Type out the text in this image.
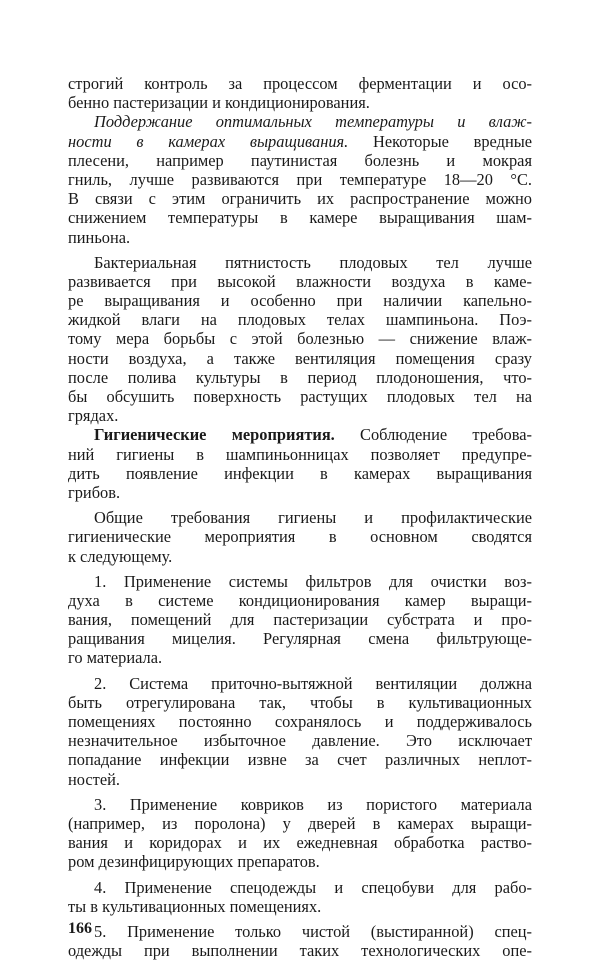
строгий контроль за процессом ферментации и осо-
бенно пастеризации и кондиционирования.
Поддержание оптимальных температуры и влаж-
ности в камерах выращивания. Некоторые вредные
плесени, например паутинистая болезнь и мокрая
гниль, лучше развиваются при температуре 18—20 °С.
В связи с этим ограничить их распространение можно
снижением температуры в камере выращивания шам-
пиньона.
Бактериальная пятнистость плодовых тел лучше
развивается при высокой влажности воздуха в каме-
ре выращивания и особенно при наличии капельно-
жидкой влаги на плодовых телах шампиньона. Поэ-
тому мера борьбы с этой болезнью — снижение влаж-
ности воздуха, а также вентиляция помещения сразу
после полива культуры в период плодоношения, что-
бы обсушить поверхность растущих плодовых тел на
грядах.
Гигиенические мероприятия. Соблюдение требова-
ний гигиены в шампиньонницах позволяет предупре-
дить появление инфекции в камерах выращивания
грибов.
Общие требования гигиены и профилактические
гигиенические мероприятия в основном сводятся
к следующему.
1. Применение системы фильтров для очистки воз-
духа в системе кондиционирования камер выращи-
вания, помещений для пастеризации субстрата и про-
ращивания мицелия. Регулярная смена фильтрующе-
го материала.
2. Система приточно-вытяжной вентиляции должна
быть отрегулирована так, чтобы в культивационных
помещениях постоянно сохранялось и поддерживалось
незначительное избыточное давление. Это исключает
попадание инфекции извне за счет различных неплот-
ностей.
3. Применение ковриков из пористого материала
(например, из поролона) у дверей в камерах выращи-
вания и коридорах и их ежедневная обработка раство-
ром дезинфицирующих препаратов.
4. Применение спецодежды и спецобуви для рабо-
ты в культивационных помещениях.
5. Применение только чистой (выстиранной) спец-
одежды при выполнении таких технологических опе-
166
